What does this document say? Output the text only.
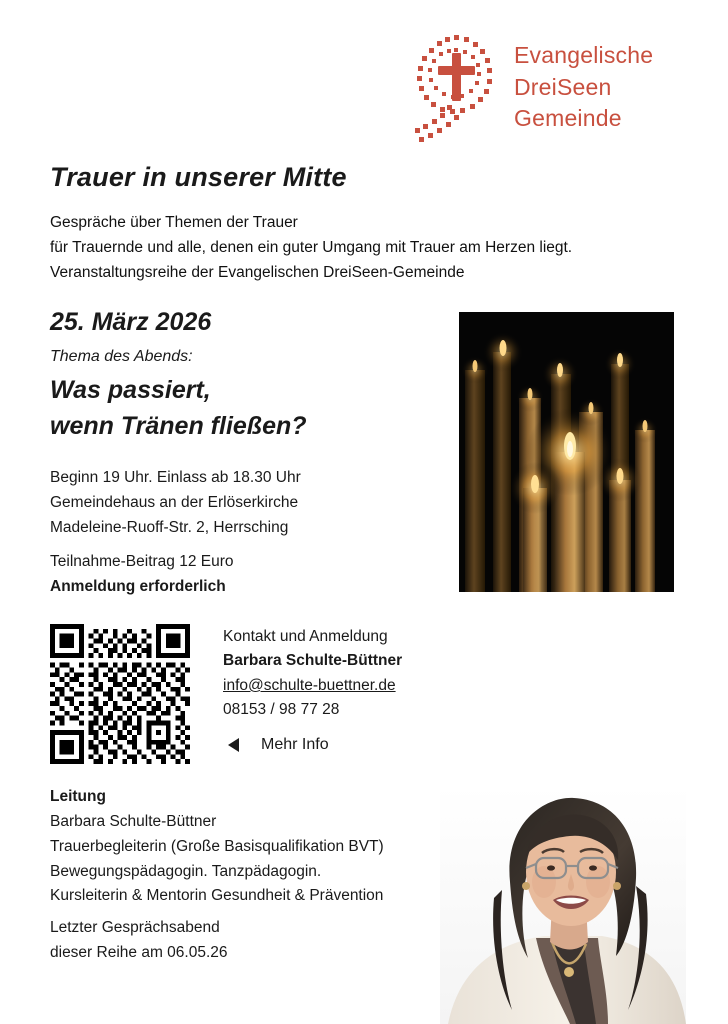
Evangelische
DreiSeen
Gemeinde
Trauer in unserer Mitte
Gespräche über Themen der Trauer
für Trauernde und alle, denen ein guter Umgang mit Trauer am Herzen liegt.
Veranstaltungsreihe der Evangelischen DreiSeen-Gemeinde
25. März 2026
Thema des Abends:
Was passiert,
wenn Tränen fließen?
Beginn 19 Uhr. Einlass ab 18.30 Uhr
Gemeindehaus an der Erlöserkirche
Madeleine-Ruoff-Str. 2, Herrsching
Teilnahme-Beitrag 12 Euro
Anmeldung erforderlich
Kontakt und Anmeldung
Barbara Schulte-Büttner
info@schulte-buettner.de
08153 / 98 77 28
Mehr Info
Leitung
Barbara Schulte-Büttner
Trauerbegleiterin (Große Basisqualifikation BVT)
Bewegungspädagogin. Tanzpädagogin.
Kursleiterin & Mentorin Gesundheit & Prävention
Letzter Gesprächsabend
dieser Reihe am 06.05.26
